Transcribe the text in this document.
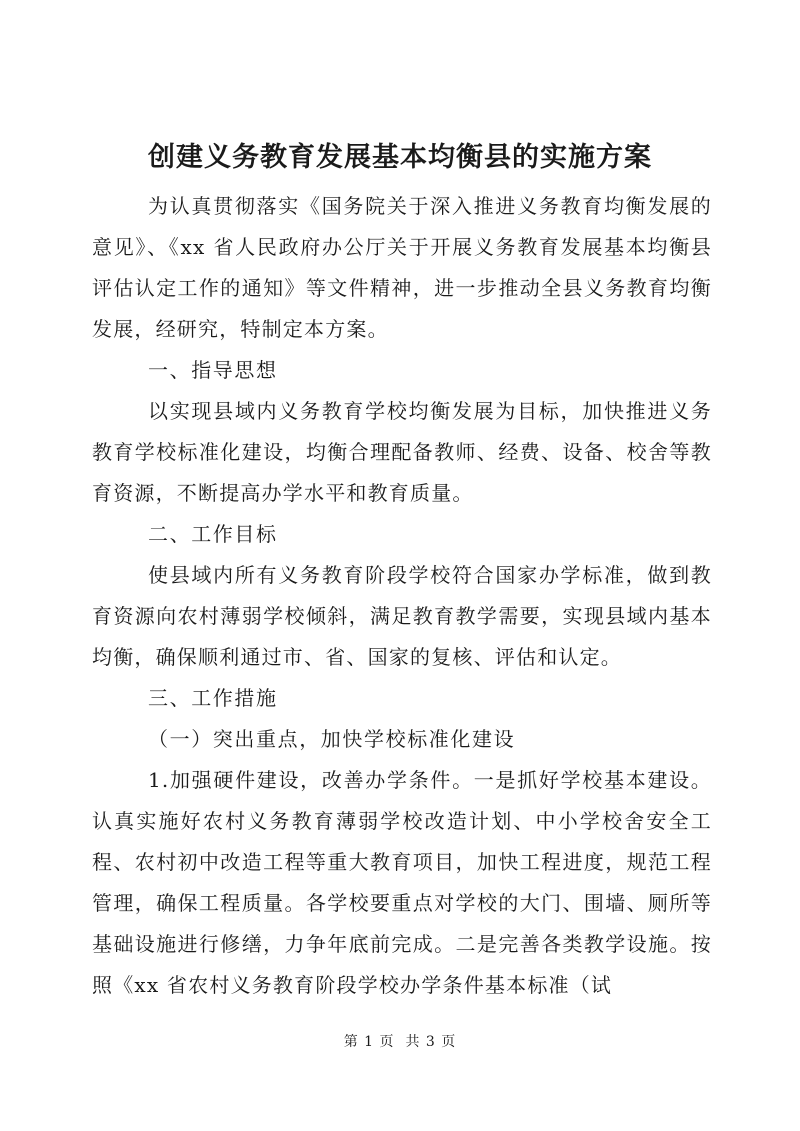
创建义务教育发展基本均衡县的实施方案

为认真贯彻落实《国务院关于深入推进义务教育均衡发展的意见》、《xx 省人民政府办公厅关于开展义务教育发展基本均衡县评估认定工作的通知》等文件精神，进一步推动全县义务教育均衡发展，经研究，特制定本方案。

一、指导思想

以实现县域内义务教育学校均衡发展为目标，加快推进义务教育学校标准化建设，均衡合理配备教师、经费、设备、校舍等教育资源，不断提高办学水平和教育质量。

二、工作目标

使县域内所有义务教育阶段学校符合国家办学标准，做到教育资源向农村薄弱学校倾斜，满足教育教学需要，实现县域内基本均衡，确保顺利通过市、省、国家的复核、评估和认定。

三、工作措施

（一）突出重点，加快学校标准化建设

1.加强硬件建设，改善办学条件。一是抓好学校基本建设。认真实施好农村义务教育薄弱学校改造计划、中小学校舍安全工程、农村初中改造工程等重大教育项目，加快工程进度，规范工程管理，确保工程质量。各学校要重点对学校的大门、围墙、厕所等基础设施进行修缮，力争年底前完成。二是完善各类教学设施。按照《xx 省农村义务教育阶段学校办学条件基本标准（试

第 1 页  共 3 页
